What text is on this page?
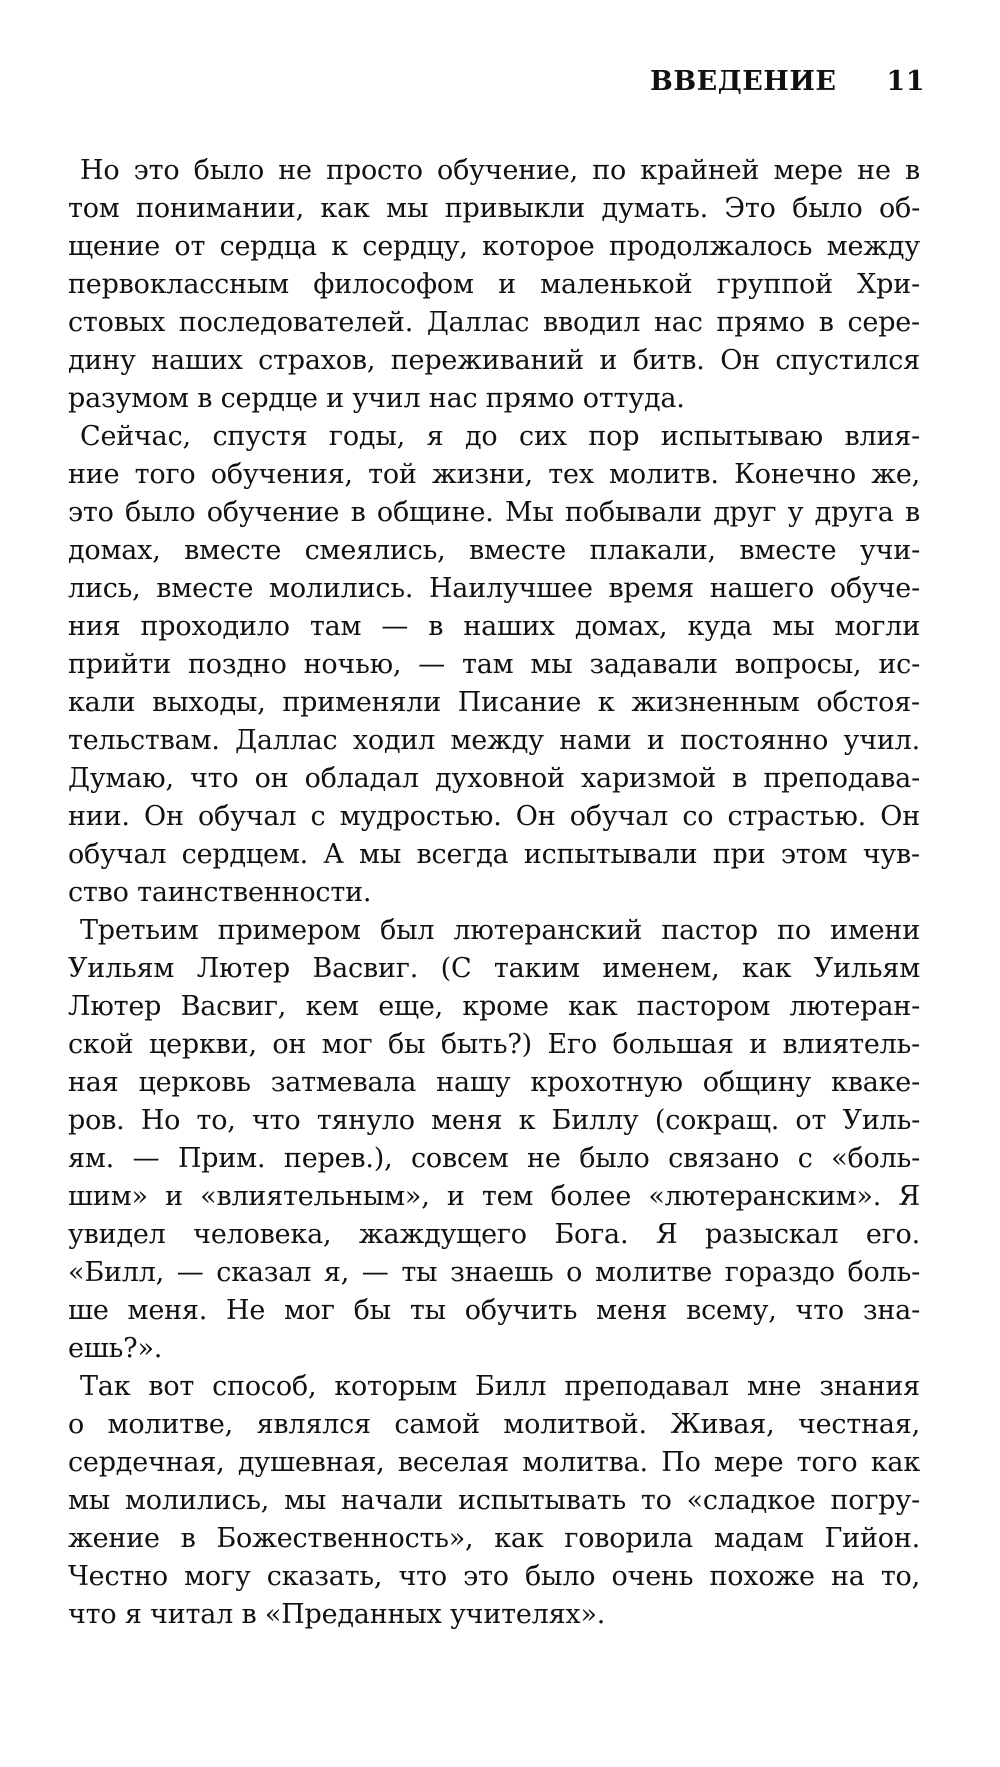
ВВЕДЕНИЕ 11
Но это было не просто обучение, по крайней мере не в
том понимании, как мы привыкли думать. Это было об-
щение от сердца к сердцу, которое продолжалось между
первоклассным философом и маленькой группой Хри-
стовых последователей. Даллас вводил нас прямо в сере-
дину наших страхов, переживаний и битв. Он спустился
разумом в сердце и учил нас прямо оттуда.
Сейчас, спустя годы, я до сих пор испытываю влия-
ние того обучения, той жизни, тех молитв. Конечно же,
это было обучение в общине. Мы побывали друг у друга в
домах, вместе смеялись, вместе плакали, вместе учи-
лись, вместе молились. Наилучшее время нашего обуче-
ния проходило там — в наших домах, куда мы могли
прийти поздно ночью, — там мы задавали вопросы, ис-
кали выходы, применяли Писание к жизненным обстоя-
тельствам. Даллас ходил между нами и постоянно учил.
Думаю, что он обладал духовной харизмой в преподава-
нии. Он обучал с мудростью. Он обучал со страстью. Он
обучал сердцем. А мы всегда испытывали при этом чув-
ство таинственности.
Третьим примером был лютеранский пастор по имени
Уильям Лютер Васвиг. (С таким именем, как Уильям
Лютер Васвиг, кем еще, кроме как пастором лютеран-
ской церкви, он мог бы быть?) Его большая и влиятель-
ная церковь затмевала нашу крохотную общину кваке-
ров. Но то, что тянуло меня к Биллу (сокращ. от Уиль-
ям. — Прим. перев.), совсем не было связано с «боль-
шим» и «влиятельным», и тем более «лютеранским». Я
увидел человека, жаждущего Бога. Я разыскал его.
«Билл, — сказал я, — ты знаешь о молитве гораздо боль-
ше меня. Не мог бы ты обучить меня всему, что зна-
ешь?».
Так вот способ, которым Билл преподавал мне знания
о молитве, являлся самой молитвой. Живая, честная,
сердечная, душевная, веселая молитва. По мере того как
мы молились, мы начали испытывать то «сладкое погру-
жение в Божественность», как говорила мадам Гийон.
Честно могу сказать, что это было очень похоже на то,
что я читал в «Преданных учителях».
